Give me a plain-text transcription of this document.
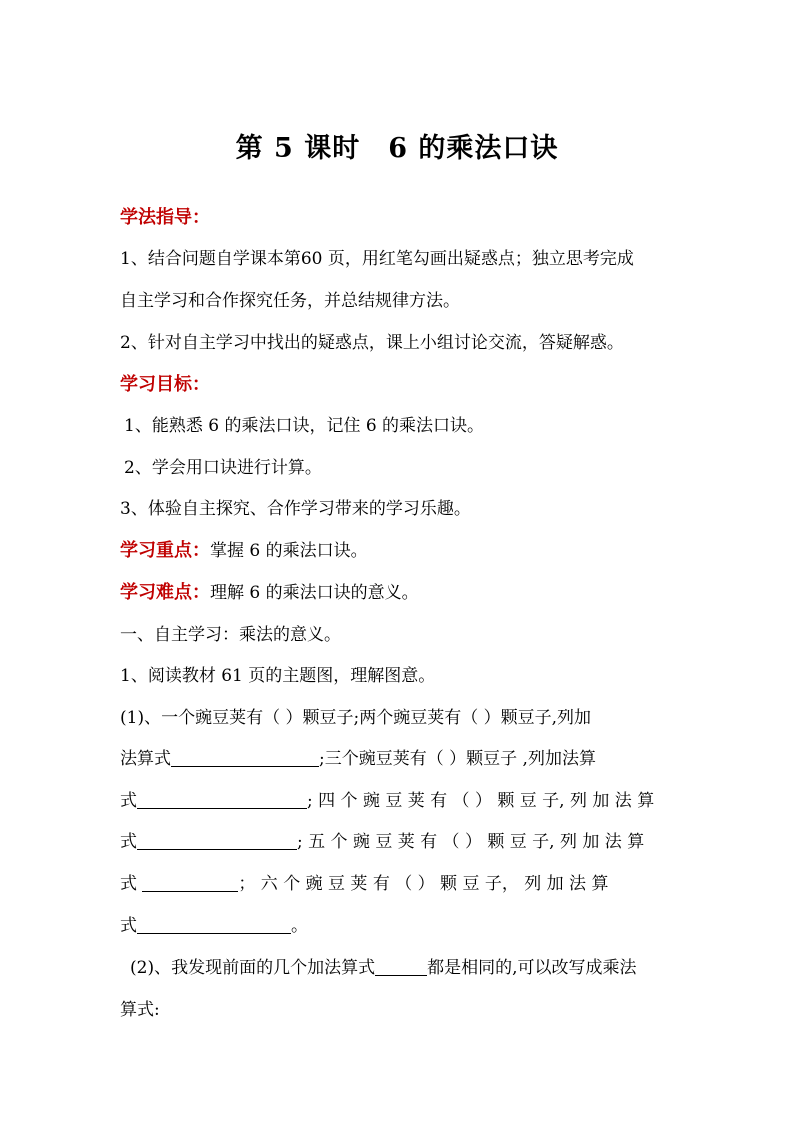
第 5 课时 6 的乘法口诀
学法指导：
1、结合问题自学课本第60 页，用红笔勾画出疑惑点；独立思考完成
自主学习和合作探究任务，并总结规律方法。
2、针对自主学习中找出的疑惑点，课上小组讨论交流，答疑解惑。
学习目标：
1、能熟悉 6 的乘法口诀，记住 6 的乘法口诀。
2、学会用口诀进行计算。
3、体验自主探究、合作学习带来的学习乐趣。
学习重点：掌握 6 的乘法口诀。
学习难点：理解 6 的乘法口诀的意义。
一、自主学习：乘法的意义。
1、阅读教材 61 页的主题图，理解图意。
(1)、一个豌豆荚有（ ）颗豆子;两个豌豆荚有（ ）颗豆子,列加
法算式	;三个豌豆荚有（ ）颗豆子 ,列加法算
式	; 四 个 豌 豆 荚 有 （ ） 颗 豆 子, 列 加 法 算
式	; 五 个 豌 豆 荚 有 （ ） 颗 豆 子, 列 加 法 算
式	； 六 个 豌 豆 荚 有 （ ） 颗 豆 子， 列 加 法 算
式	。
(2)、我发现前面的几个加法算式	都是相同的,可以改写成乘法
算式:
